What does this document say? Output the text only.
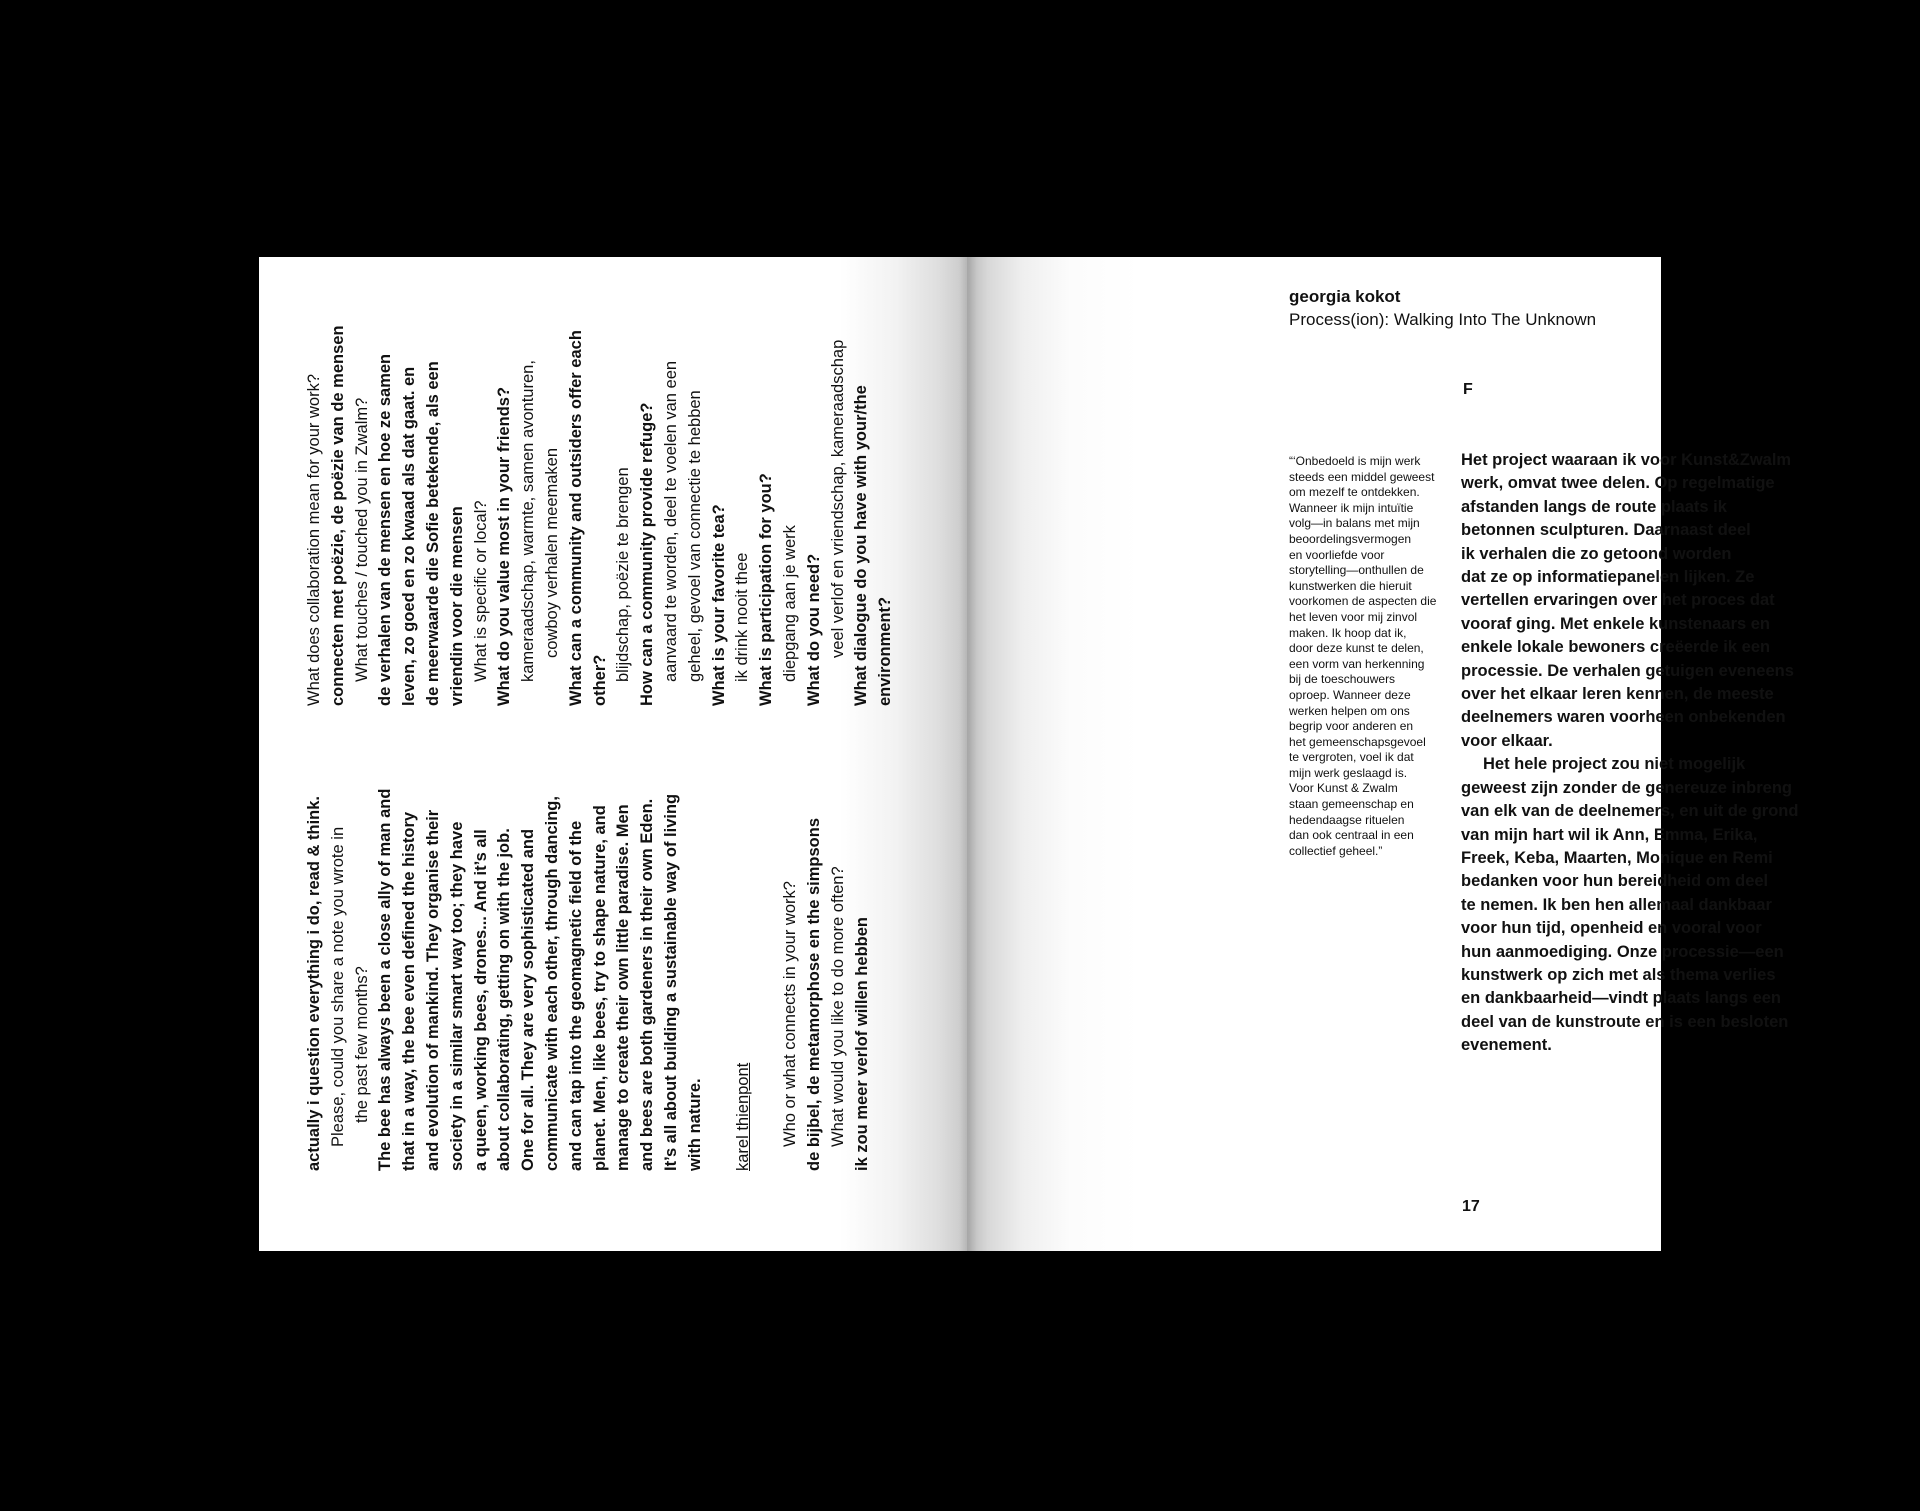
actually i question everything i do, read & think. Please, could you share a note you wrote in the past few months? The bee has always been a close ally of man and that in a way, the bee even defined the history and evolution of mankind. They organise their society in a similar smart way too; they have a queen, working bees, drones... And it’s all about collaborating, getting on with the job. One for all. They are very sophisticated and communicate with each other, through dancing, and can tap into the geomagnetic field of the planet. Men, like bees, try to shape nature, and manage to create their own little paradise. Men and bees are both gardeners in their own Eden. It’s all about building a sustainable way of living with nature. karel thienpont Who or what connects in your work? de bijbel, de metamorphose en the simpsons What would you like to do more often? ik zou meer verlof willen hebben

What does collaboration mean for your work? connecten met poëzie, de poëzie van de mensen What touches / touched you in Zwalm? de verhalen van de mensen en hoe ze samen leven, zo goed en zo kwaad als dat gaat. en de meerwaarde die Sofie betekende, als een vriendin voor die mensen What is specific or local? What do you value most in your friends? kameraadschap, warmte, samen avonturen, cowboy verhalen meemaken What can a community and outsiders offer each other? blijdschap, poëzie te brengen How can a community provide refuge? aanvaard te worden, deel te voelen van een geheel, gevoel van connectie te hebben What is your favorite tea? ik drink nooit thee What is participation for you? diepgang aan je werk What do you need? veel verlof en vriendschap, kameraadschap What dialogue do you have with your/the environment?

georgia kokot
Process(ion): Walking Into The Unknown
F
“‘Onbedoeld is mijn werk
steeds een middel geweest
om mezelf te ontdekken.
Wanneer ik mijn intuïtie
volg—in balans met mijn
beoordelingsvermogen
en voorliefde voor
storytelling—onthullen de
kunstwerken die hieruit
voorkomen de aspecten die
het leven voor mij zinvol
maken. Ik hoop dat ik,
door deze kunst te delen,
een vorm van herkenning
bij de toeschouwers
oproep. Wanneer deze
werken helpen om ons
begrip voor anderen en
het gemeenschapsgevoel
te vergroten, voel ik dat
mijn werk geslaagd is.
Voor Kunst & Zwalm
staan gemeenschap en
hedendaagse rituelen
dan ook centraal in een
collectief geheel.”

Het project waaraan ik voor Kunst&Zwalm
werk, omvat twee delen. Op regelmatige
afstanden langs de route plaats ik
betonnen sculpturen. Daarnaast deel
ik verhalen die zo getoond worden
dat ze op informatiepanelen lijken. Ze
vertellen ervaringen over het proces dat
vooraf ging. Met enkele kunstenaars en
enkele lokale bewoners creëerde ik een
processie. De verhalen getuigen eveneens
over het elkaar leren kennen, de meeste
deelnemers waren voorheen onbekenden
voor elkaar.

Het hele project zou niet mogelijk
geweest zijn zonder de genereuze inbreng
van elk van de deelnemers, en uit de grond
van mijn hart wil ik Ann, Emma, Erika,
Freek, Keba, Maarten, Monique en Remi
bedanken voor hun bereidheid om deel
te nemen. Ik ben hen allemaal dankbaar
voor hun tijd, openheid en vooral voor
hun aanmoediging. Onze processie—een
kunstwerk op zich met als thema verlies
en dankbaarheid—vindt plaats langs een
deel van de kunstroute en is een besloten
evenement.

17
